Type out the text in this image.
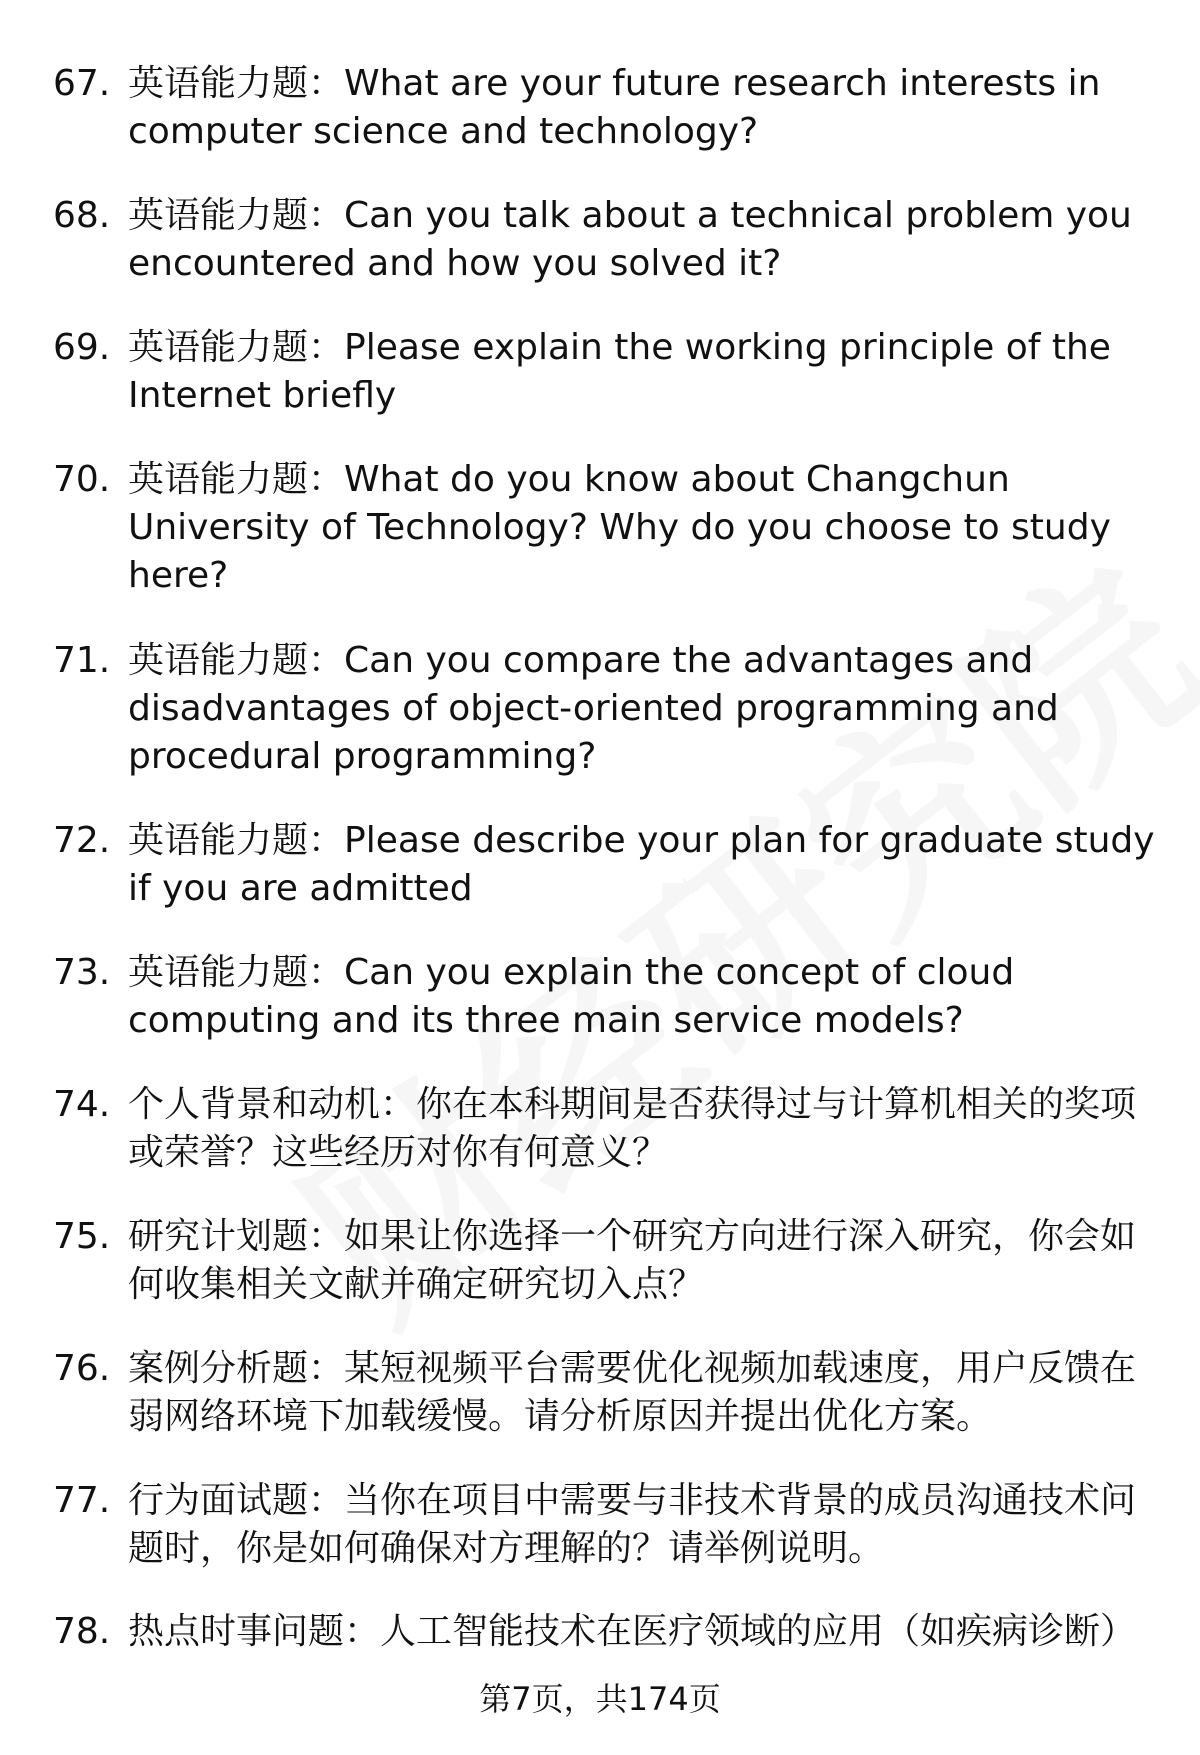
67. 英语能力题：What are your future research interests in computer science and technology?
68. 英语能力题：Can you talk about a technical problem you encountered and how you solved it?
69. 英语能力题：Please explain the working principle of the Internet briefly
70. 英语能力题：What do you know about Changchun University of Technology? Why do you choose to study here?
71. 英语能力题：Can you compare the advantages and disadvantages of object-oriented programming and procedural programming?
72. 英语能力题：Please describe your plan for graduate study if you are admitted
73. 英语能力题：Can you explain the concept of cloud computing and its three main service models?
74. 个人背景和动机：你在本科期间是否获得过与计算机相关的奖项或荣誉？这些经历对你有何意义？
75. 研究计划题：如果让你选择一个研究方向进行深入研究，你会如何收集相关文献并确定研究切入点？
76. 案例分析题：某短视频平台需要优化视频加载速度，用户反馈在弱网络环境下加载缓慢。请分析原因并提出优化方案。
77. 行为面试题：当你在项目中需要与非技术背景的成员沟通技术问题时，你是如何确保对方理解的？请举例说明。
78. 热点时事问题：人工智能技术在医疗领域的应用（如疾病诊断）
第7页，共174页
